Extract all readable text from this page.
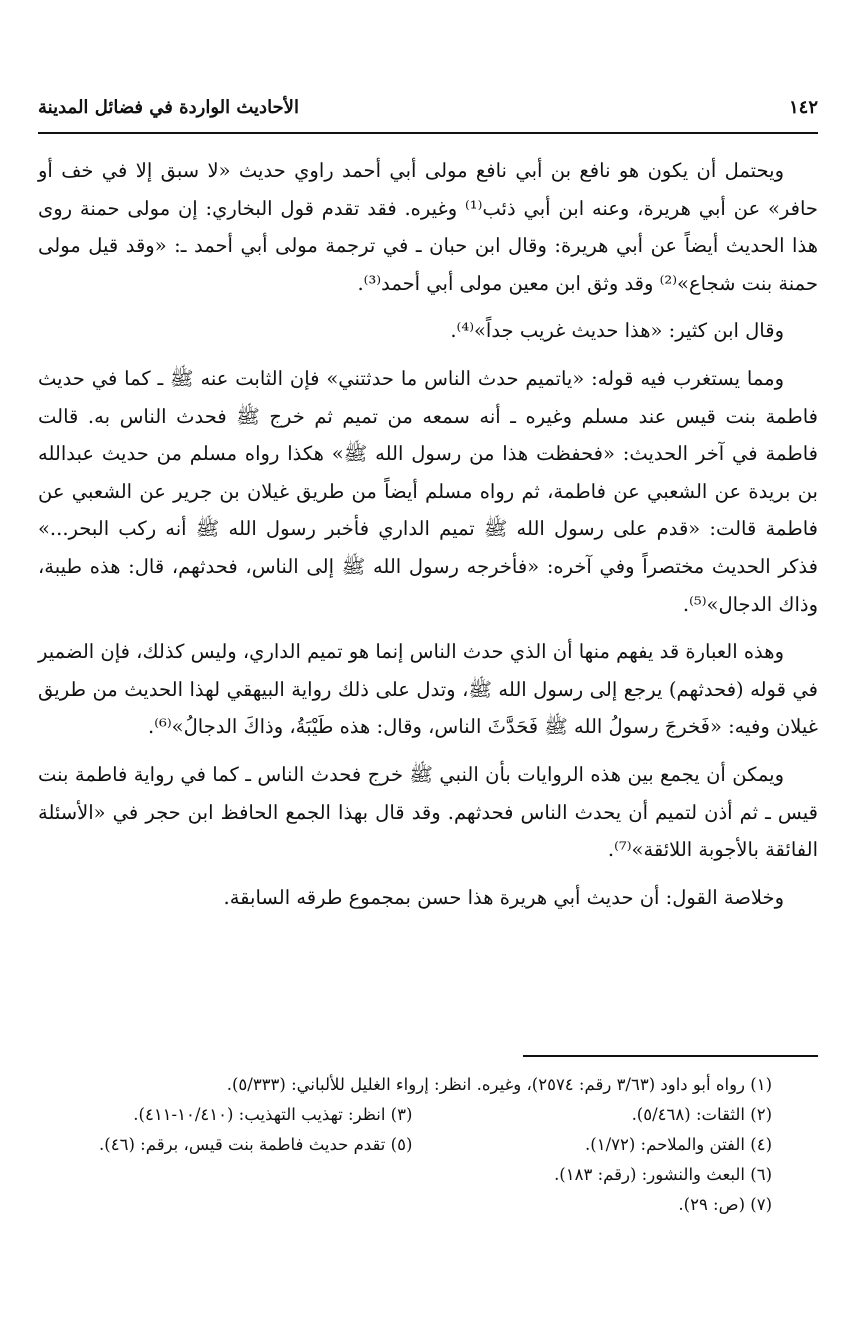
١٤٢
الأحاديث الواردة في فضائل المدينة

ويحتمل أن يكون هو نافع بن أبي نافع مولى أبي أحمد راوي حديث «لا سبق إلا في خف أو حافر» عن أبي هريرة، وعنه ابن أبي ذئب⁽¹⁾ وغيره. فقد تقدم قول البخاري: إن مولى حمنة روى هذا الحديث أيضاً عن أبي هريرة: وقال ابن حبان ـ في ترجمة مولى أبي أحمد ـ: «وقد قيل مولى حمنة بنت شجاع»⁽²⁾ وقد وثق ابن معين مولى أبي أحمد⁽³⁾.

وقال ابن كثير: «هذا حديث غريب جداً»⁽⁴⁾.

ومما يستغرب فيه قوله: «ياتميم حدث الناس ما حدثتني» فإن الثابت عنه ﷺ ـ كما في حديث فاطمة بنت قيس عند مسلم وغيره ـ أنه سمعه من تميم ثم خرج ﷺ فحدث الناس به. قالت فاطمة في آخر الحديث: «فحفظت هذا من رسول الله ﷺ» هكذا رواه مسلم من حديث عبدالله بن بريدة عن الشعبي عن فاطمة، ثم رواه مسلم أيضاً من طريق غيلان بن جرير عن الشعبي عن فاطمة قالت: «قدم على رسول الله ﷺ تميم الداري فأخبر رسول الله ﷺ أنه ركب البحر...» فذكر الحديث مختصراً وفي آخره: «فأخرجه رسول الله ﷺ إلى الناس، فحدثهم، قال: هذه طيبة، وذاك الدجال»⁽⁵⁾.

وهذه العبارة قد يفهم منها أن الذي حدث الناس إنما هو تميم الداري، وليس كذلك، فإن الضمير في قوله (فحدثهم) يرجع إلى رسول الله ﷺ، وتدل على ذلك رواية البيهقي لهذا الحديث من طريق غيلان وفيه: «فَخرجَ رسولُ الله ﷺ فَحَدَّثَ الناس، وقال: هذه طَيْبَةُ، وذاكَ الدجالُ»⁽⁶⁾.

ويمكن أن يجمع بين هذه الروايات بأن النبي ﷺ خرج فحدث الناس ـ كما في رواية فاطمة بنت قيس ـ ثم أذن لتميم أن يحدث الناس فحدثهم. وقد قال بهذا الجمع الحافظ ابن حجر في «الأسئلة الفائقة بالأجوبة اللائقة»⁽⁷⁾.

وخلاصة القول: أن حديث أبي هريرة هذا حسن بمجموع طرقه السابقة.

(١) رواه أبو داود (٣/٦٣ رقم: ٢٥٧٤)، وغيره. انظر: إرواء الغليل للألباني: (٥/٣٣٣).
(٢) الثقات: (٥/٤٦٨).
(٣) انظر: تهذيب التهذيب: (١٠/٤١٠-٤١١).
(٤) الفتن والملاحم: (١/٧٢).
(٥) تقدم حديث فاطمة بنت قيس، برقم: (٤٦).
(٦) البعث والنشور: (رقم: ١٨٣).
(٧) (ص: ٢٩).
